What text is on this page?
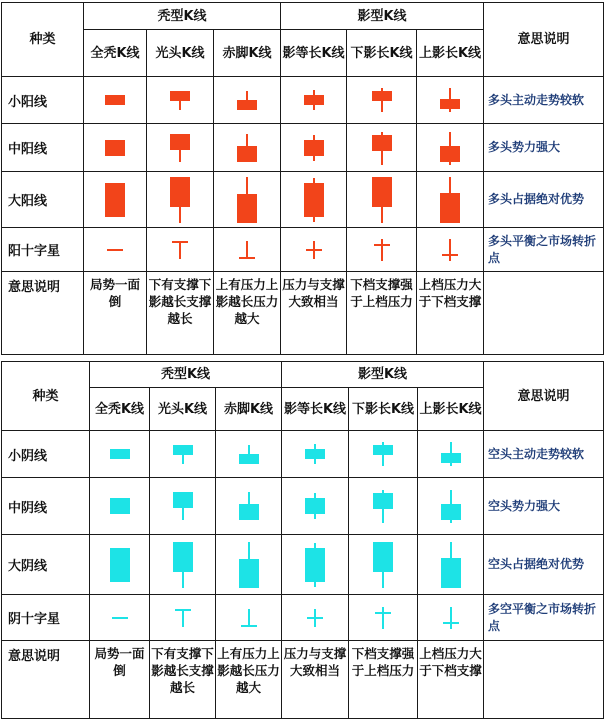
种类	秃型K线			影型K线			意思说明
	全秃K线	光头K线	赤脚K线	影等长K线	下影长K线	上影长K线	
小阳线							多头主动走势较软
中阳线							多头势力强大
大阳线							多头占据绝对优势
阳十字星							多头平衡之市场转折点
意思说明	局势一面倒	下有支撑下影越长支撑越长	上有压力上影越长压力越大	压力与支撑大致相当	下档支撑强于上档压力	上档压力大于下档支撑	
种类	秃型K线			影型K线			意思说明
	全秃K线	光头K线	赤脚K线	影等长K线	下影长K线	上影长K线	
小阴线							空头主动走势较软
中阴线							空头势力强大
大阴线							空头占据绝对优势
阴十字星							多空平衡之市场转折点
意思说明	局势一面倒	下有支撑下影越长支撑越长	上有压力上影越长压力越大	压力与支撑大致相当	下档支撑强于上档压力	上档压力大于下档支撑	
